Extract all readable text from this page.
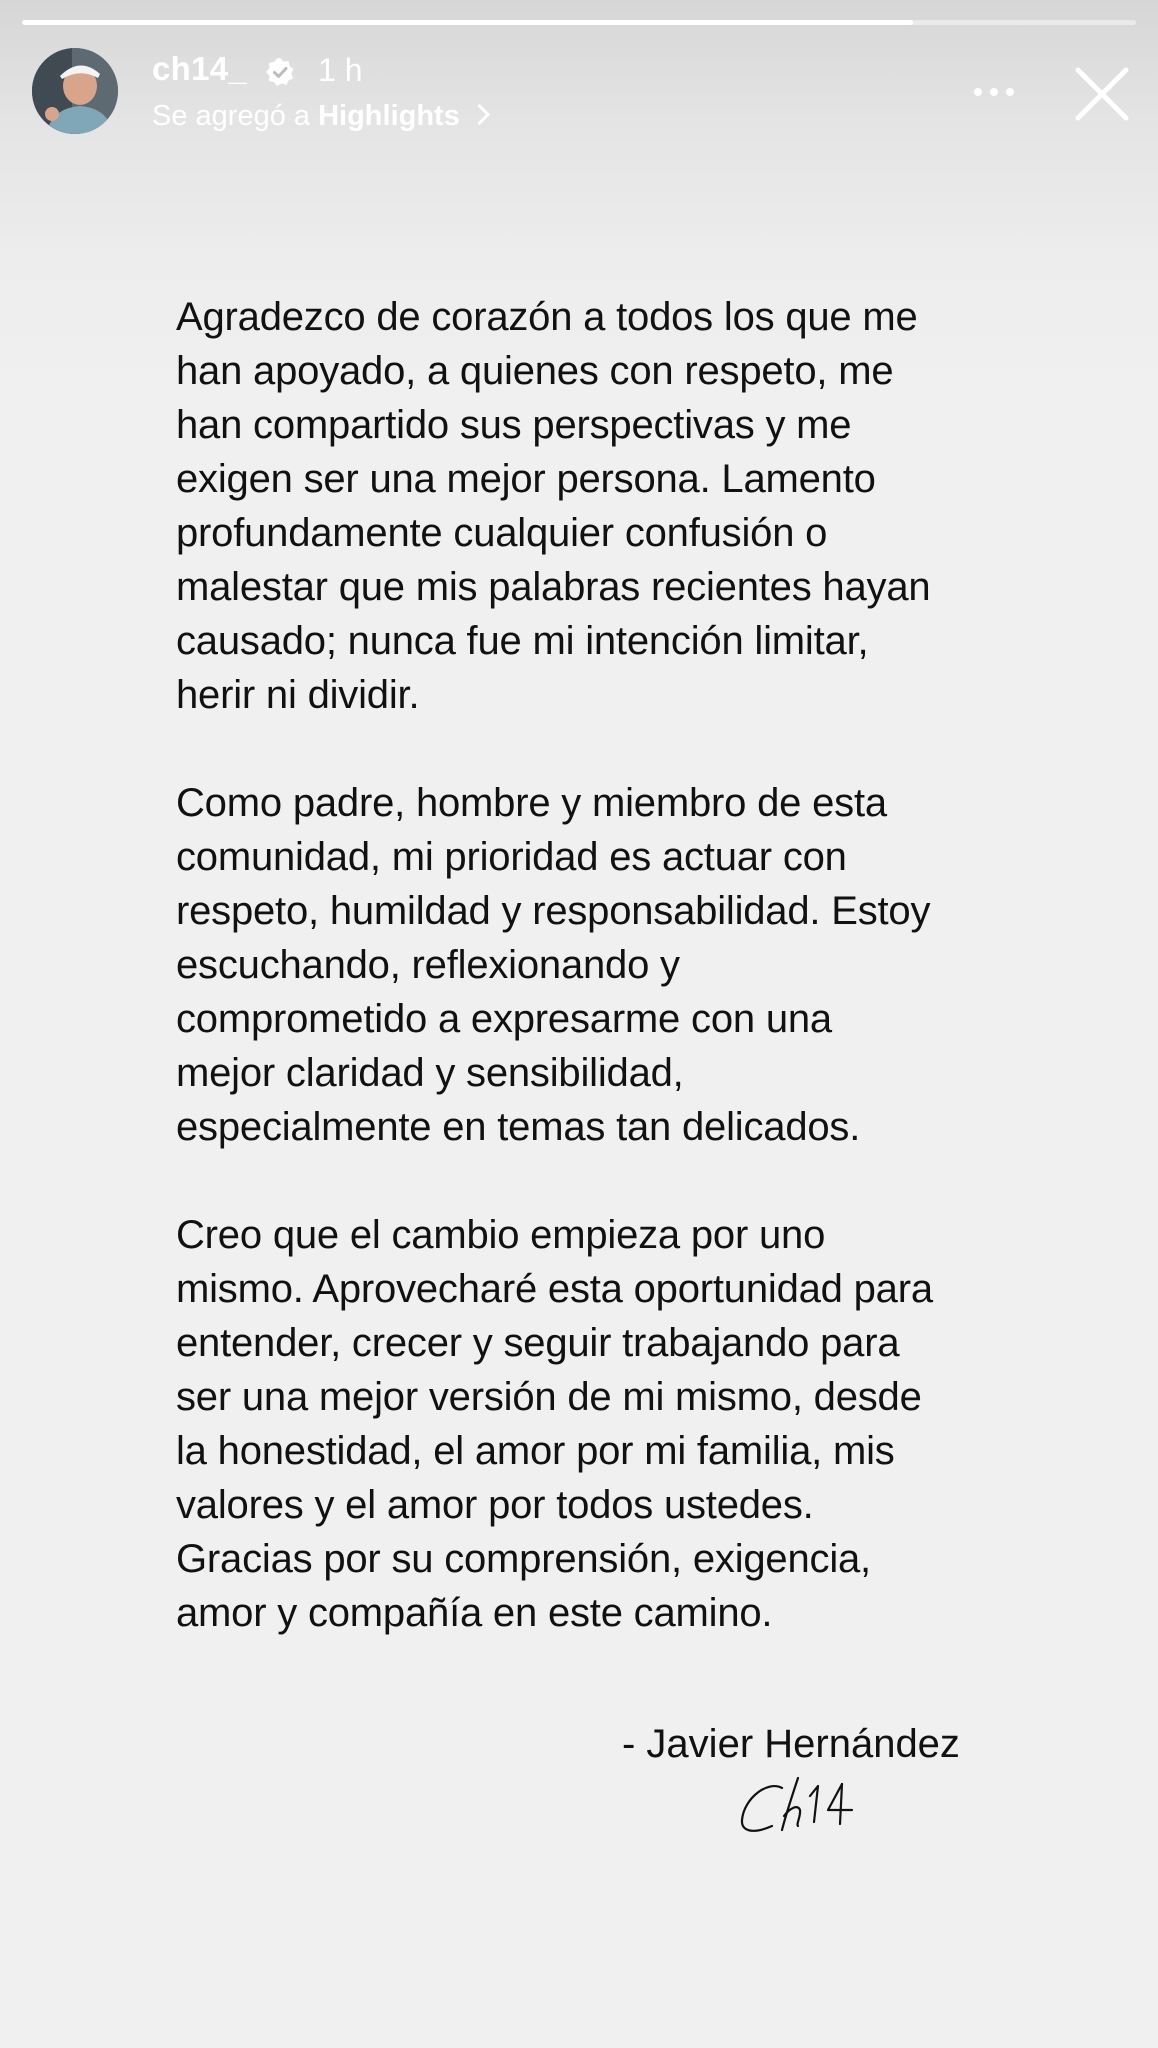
ch14_ 1 h
Se agregó a Highlights

Agradezco de corazón a todos los que me
han apoyado, a quienes con respeto, me
han compartido sus perspectivas y me
exigen ser una mejor persona. Lamento
profundamente cualquier confusión o
malestar que mis palabras recientes hayan
causado; nunca fue mi intención limitar,
herir ni dividir.

Como padre, hombre y miembro de esta
comunidad, mi prioridad es actuar con
respeto, humildad y responsabilidad. Estoy
escuchando, reflexionando y
comprometido a expresarme con una
mejor claridad y sensibilidad,
especialmente en temas tan delicados.

Creo que el cambio empieza por uno
mismo. Aprovecharé esta oportunidad para
entender, crecer y seguir trabajando para
ser una mejor versión de mi mismo, desde
la honestidad, el amor por mi familia, mis
valores y el amor por todos ustedes.
Gracias por su comprensión, exigencia,
amor y compañía en este camino.

- Javier Hernández
